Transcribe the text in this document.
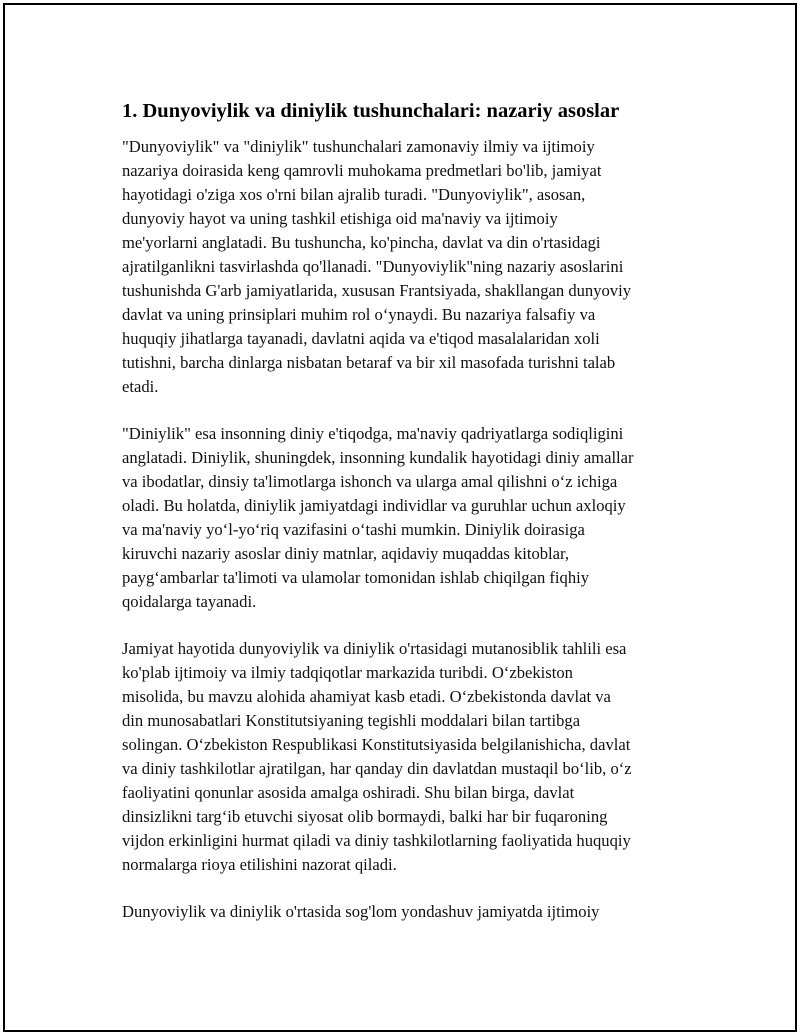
1. Dunyoviylik va diniylik tushunchalari: nazariy asoslar

"Dunyoviylik" va "diniylik" tushunchalari zamonaviy ilmiy va ijtimoiy
nazariya doirasida keng qamrovli muhokama predmetlari bo'lib, jamiyat
hayotidagi o'ziga xos o'rni bilan ajralib turadi. "Dunyoviylik", asosan,
dunyoviy hayot va uning tashkil etishiga oid ma'naviy va ijtimoiy
me'yorlarni anglatadi. Bu tushuncha, ko'pincha, davlat va din o'rtasidagi
ajratilganlikni tasvirlashda qo'llanadi. "Dunyoviylik"ning nazariy asoslarini
tushunishda G'arb jamiyatlarida, xususan Frantsiyada, shakllangan dunyoviy
davlat va uning prinsiplari muhim rol o‘ynaydi. Bu nazariya falsafiy va
huquqiy jihatlarga tayanadi, davlatni aqida va e'tiqod masalalaridan xoli
tutishni, barcha dinlarga nisbatan betaraf va bir xil masofada turishni talab
etadi.

"Diniylik" esa insonning diniy e'tiqodga, ma'naviy qadriyatlarga sodiqligini
anglatadi. Diniylik, shuningdek, insonning kundalik hayotidagi diniy amallar
va ibodatlar, dinsiy ta'limotlarga ishonch va ularga amal qilishni o‘z ichiga
oladi. Bu holatda, diniylik jamiyatdagi individlar va guruhlar uchun axloqiy
va ma'naviy yo‘l-yo‘riq vazifasini o‘tashi mumkin. Diniylik doirasiga
kiruvchi nazariy asoslar diniy matnlar, aqidaviy muqaddas kitoblar,
payg‘ambarlar ta'limoti va ulamolar tomonidan ishlab chiqilgan fiqhiy
qoidalarga tayanadi.

Jamiyat hayotida dunyoviylik va diniylik o'rtasidagi mutanosiblik tahlili esa
ko'plab ijtimoiy va ilmiy tadqiqotlar markazida turibdi. O‘zbekiston
misolida, bu mavzu alohida ahamiyat kasb etadi. O‘zbekistonda davlat va
din munosabatlari Konstitutsiyaning tegishli moddalari bilan tartibga
solingan. O‘zbekiston Respublikasi Konstitutsiyasida belgilanishicha, davlat
va diniy tashkilotlar ajratilgan, har qanday din davlatdan mustaqil bo‘lib, o‘z
faoliyatini qonunlar asosida amalga oshiradi. Shu bilan birga, davlat
dinsizlikni targ‘ib etuvchi siyosat olib bormaydi, balki har bir fuqaroning
vijdon erkinligini hurmat qiladi va diniy tashkilotlarning faoliyatida huquqiy
normalarga rioya etilishini nazorat qiladi.

Dunyoviylik va diniylik o'rtasida sog'lom yondashuv jamiyatda ijtimoiy
